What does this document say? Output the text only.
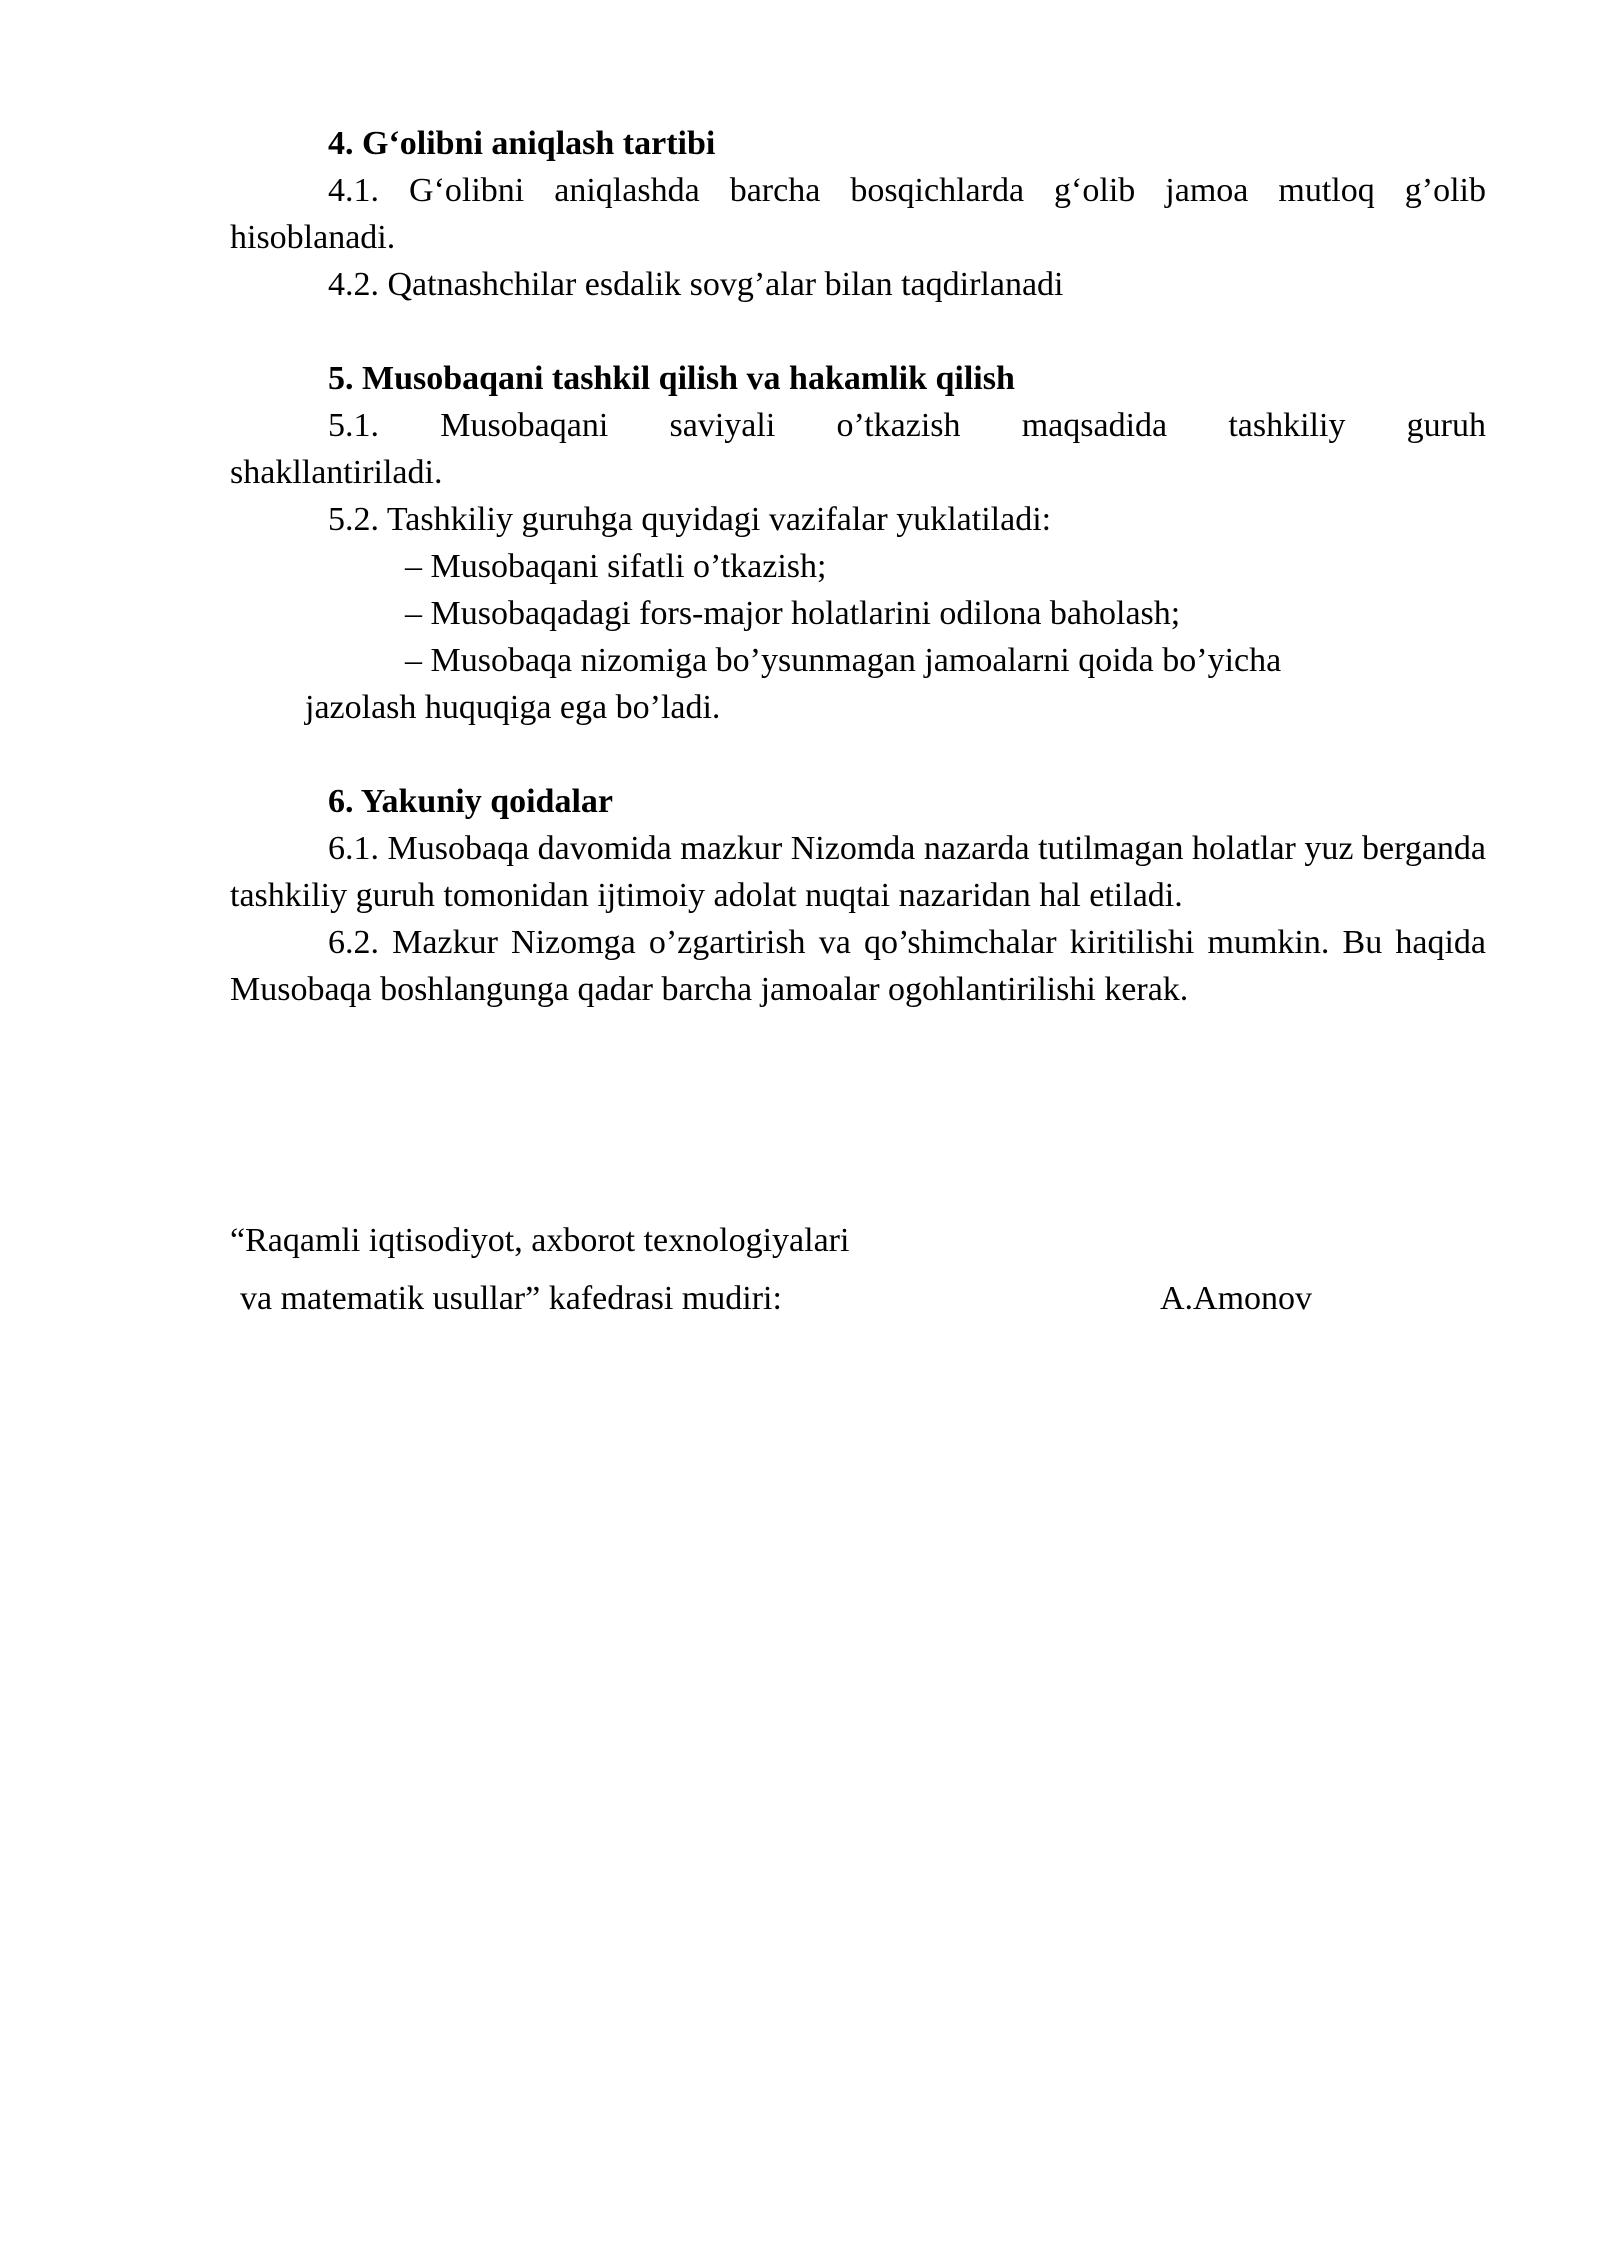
4. G‘olibni aniqlash tartibi

4.1. G‘olibni aniqlashda barcha bosqichlarda g‘olib jamoa mutloq g’olib

hisoblanadi.

4.2. Qatnashchilar esdalik sovg’alar bilan taqdirlanadi

5. Musobaqani tashkil qilish va hakamlik qilish

5.1. Musobaqani saviyali o’tkazish maqsadida tashkiliy guruh

shakllantiriladi.

5.2. Tashkiliy guruhga quyidagi vazifalar yuklatiladi:

– Musobaqani sifatli o’tkazish;

– Musobaqadagi fors-major holatlarini odilona baholash;

– Musobaqa nizomiga bo’ysunmagan jamoalarni qoida bo’yicha

jazolash huquqiga ega bo’ladi.

6. Yakuniy qoidalar

6.1. Musobaqa davomida mazkur Nizomda nazarda tutilmagan holatlar yuz berganda tashkiliy guruh tomonidan ijtimoiy adolat nuqtai nazaridan hal etiladi.

6.2. Mazkur Nizomga o’zgartirish va qo’shimchalar kiritilishi mumkin. Bu haqida Musobaqa boshlangunga qadar barcha jamoalar ogohlantirilishi kerak.

“Raqamli iqtisodiyot, axborot texnologiyalari
va matematik usullar” kafedrasi mudiri:	A.Amonov
